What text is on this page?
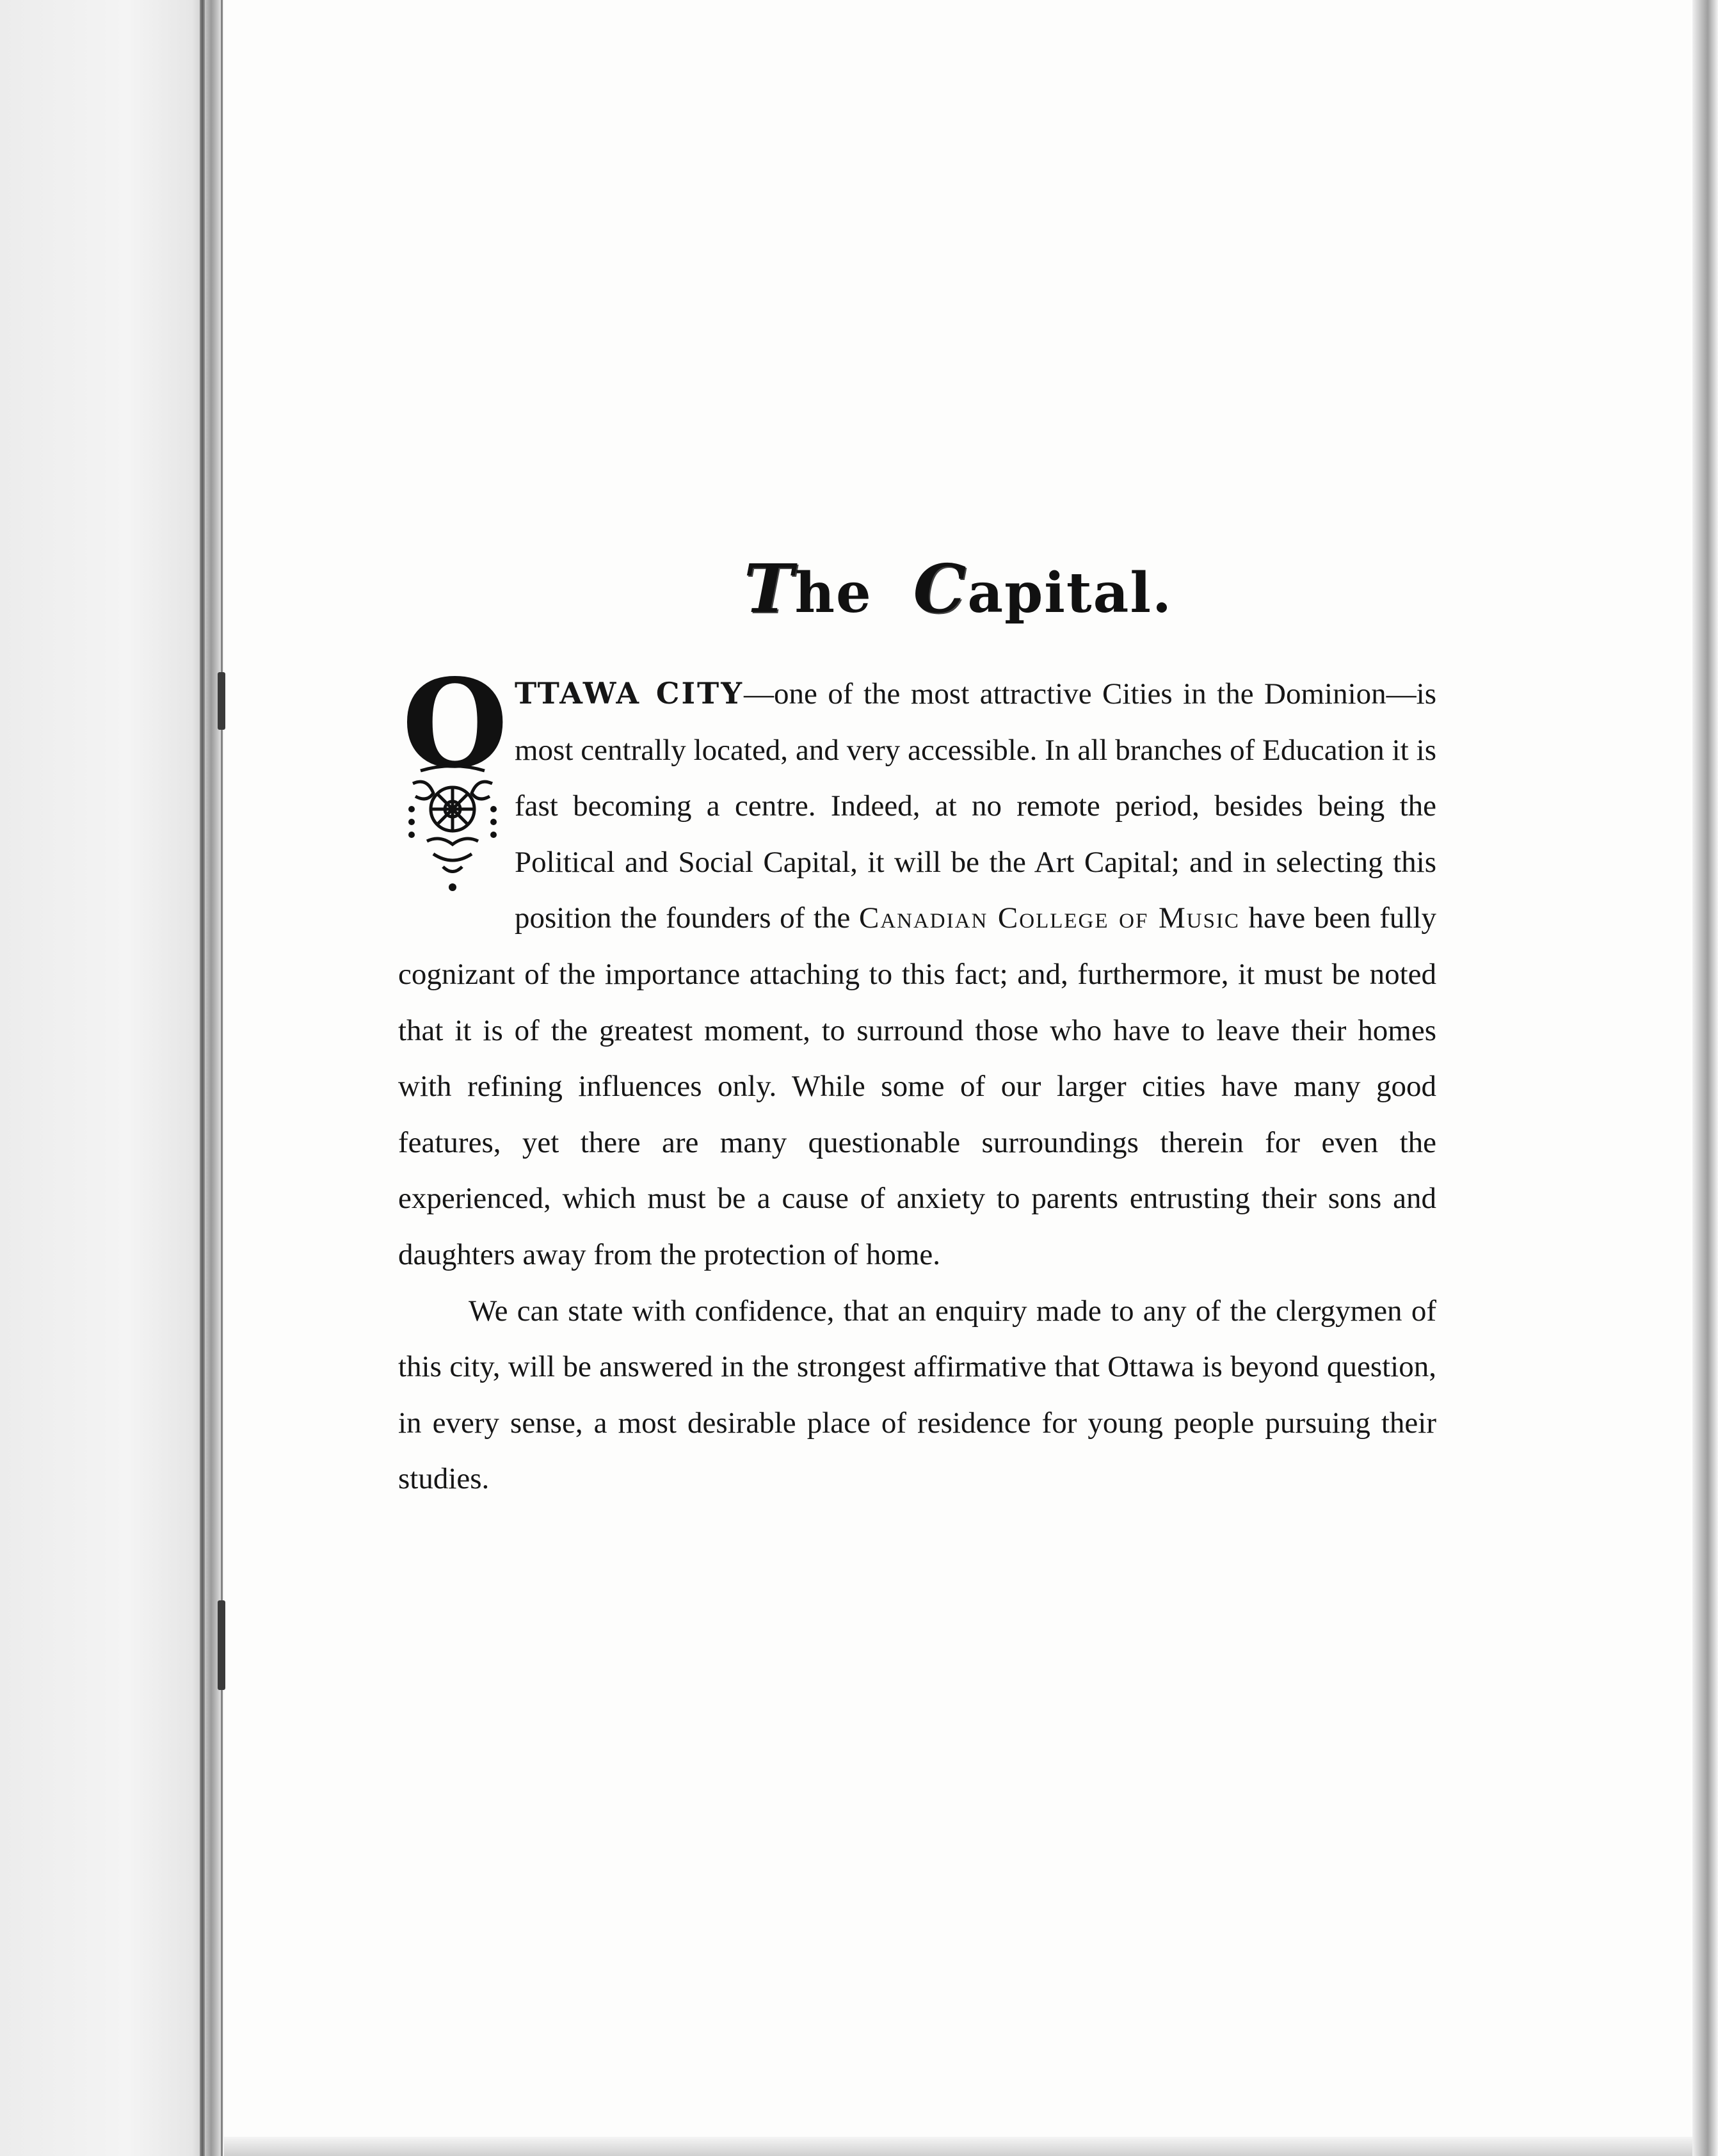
The Capital.

O TTAWA CITY—one of the most attractive Cities in the Dominion—is most centrally located, and very accessible. In all branches of Education it is fast becoming a centre. Indeed, at no remote period, besides being the Political and Social Capital, it will be the Art Capital; and in selecting this position the founders of the Canadian College of Music have been fully cognizant of the importance attaching to this fact; and, furthermore, it must be noted that it is of the greatest moment, to surround those who have to leave their homes with refining influences only. While some of our larger cities have many good features, yet there are many questionable surroundings therein for even the experienced, which must be a cause of anxiety to parents entrusting their sons and daughters away from the protection of home.

We can state with confidence, that an enquiry made to any of the clergymen of this city, will be answered in the strongest affirmative that Ottawa is beyond question, in every sense, a most desirable place of residence for young people pursuing their studies.
